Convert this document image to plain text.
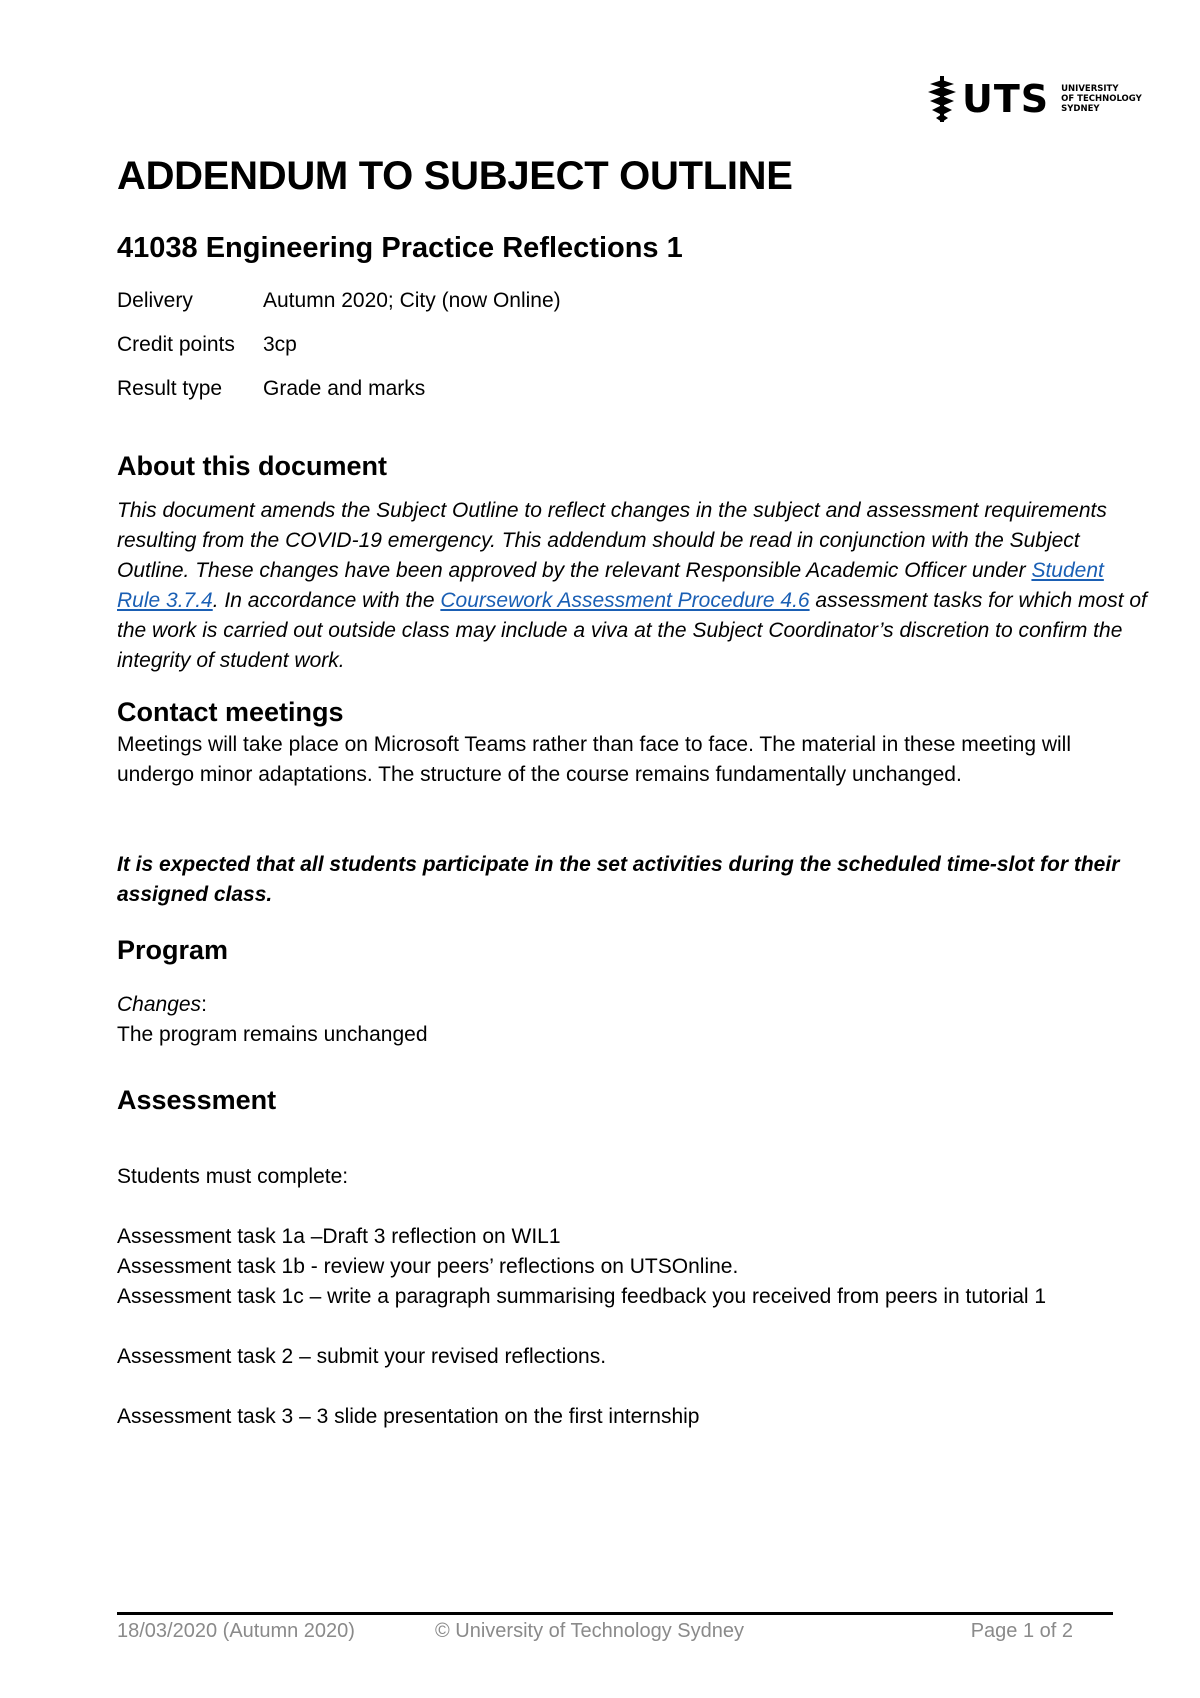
UTS UNIVERSITY
OF TECHNOLOGY
SYDNEY
ADDENDUM TO SUBJECT OUTLINE
41038 Engineering Practice Reflections 1
Delivery	Autumn 2020; City (now Online)
Credit points	3cp
Result type	Grade and marks
About this document

This document amends the Subject Outline to reflect changes in the subject and assessment requirements resulting from the COVID-19 emergency. This addendum should be read in conjunction with the Subject Outline. These changes have been approved by the relevant Responsible Academic Officer under Student Rule 3.7.4. In accordance with the Coursework Assessment Procedure 4.6 assessment tasks for which most of the work is carried out outside class may include a viva at the Subject Coordinator’s discretion to confirm the integrity of student work.

Contact meetings

Meetings will take place on Microsoft Teams rather than face to face. The material in these meeting will undergo minor adaptations. The structure of the course remains fundamentally unchanged.

It is expected that all students participate in the set activities during the scheduled time-slot for their assigned class.

Program

Changes:

The program remains unchanged

Assessment

Students must complete:

Assessment task 1a –Draft 3 reflection on WIL1

Assessment task 1b - review your peers’ reflections on UTSOnline.

Assessment task 1c – write a paragraph summarising feedback you received from peers in tutorial 1

Assessment task 2 – submit your revised reflections.

Assessment task 3 – 3 slide presentation on the first internship

18/03/2020 (Autumn 2020)	© University of Technology Sydney	Page 1 of 2
